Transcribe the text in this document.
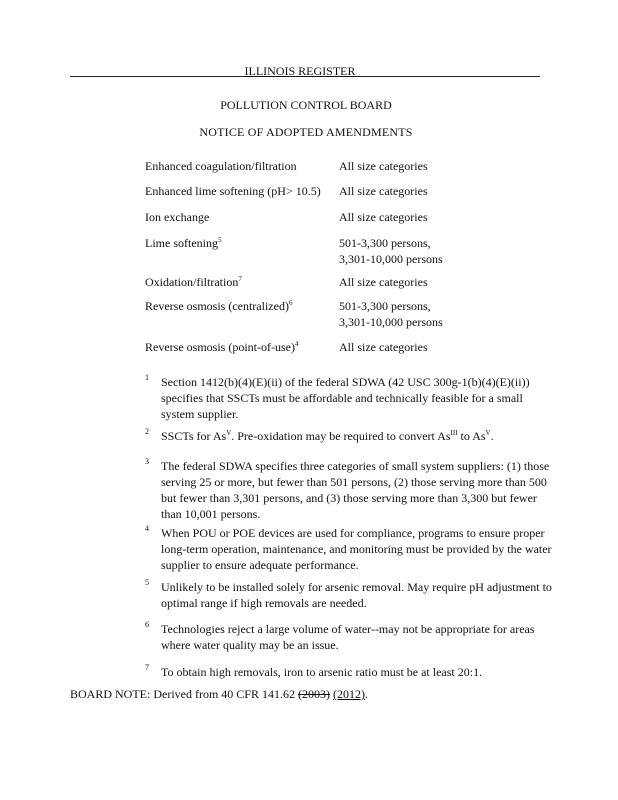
ILLINOIS REGISTER
POLLUTION CONTROL BOARD
NOTICE OF ADOPTED AMENDMENTS
Enhanced coagulation/filtration	All size categories
Enhanced lime softening (pH> 10.5) All size categories
Ion exchange	All size categories
Lime softening$^5$	501-3,300 persons,
3,301-10,000 persons
Oxidation/filtration$^7$	All size categories
Reverse osmosis (centralized)$^6$	501-3,300 persons,
3,301-10,000 persons
Reverse osmosis (point-of-use)$^4$	All size categories
1 Section 1412(b)(4)(E)(ii) of the federal SDWA (42 USC 300g-1(b)(4)(E)(ii)) specifies that SSCTs must be affordable and technically feasible for a small system supplier.
2 SSCTs for $As^V$. Pre-oxidation may be required to convert $As^{III}$ to $As^V$.
3 The federal SDWA specifies three categories of small system suppliers: (1) those serving 25 or more, but fewer than 501 persons, (2) those serving more than 500 but fewer than 3,301 persons, and (3) those serving more than 3,300 but fewer than 10,001 persons.
4 When POU or POE devices are used for compliance, programs to ensure proper long-term operation, maintenance, and monitoring must be provided by the water supplier to ensure adequate performance.
5 Unlikely to be installed solely for arsenic removal. May require pH adjustment to optimal range if high removals are needed.
6 Technologies reject a large volume of water--may not be appropriate for areas where water quality may be an issue.
7 To obtain high removals, iron to arsenic ratio must be at least 20:1.
BOARD NOTE: Derived from 40 CFR 141.62 (2003) (2012).
